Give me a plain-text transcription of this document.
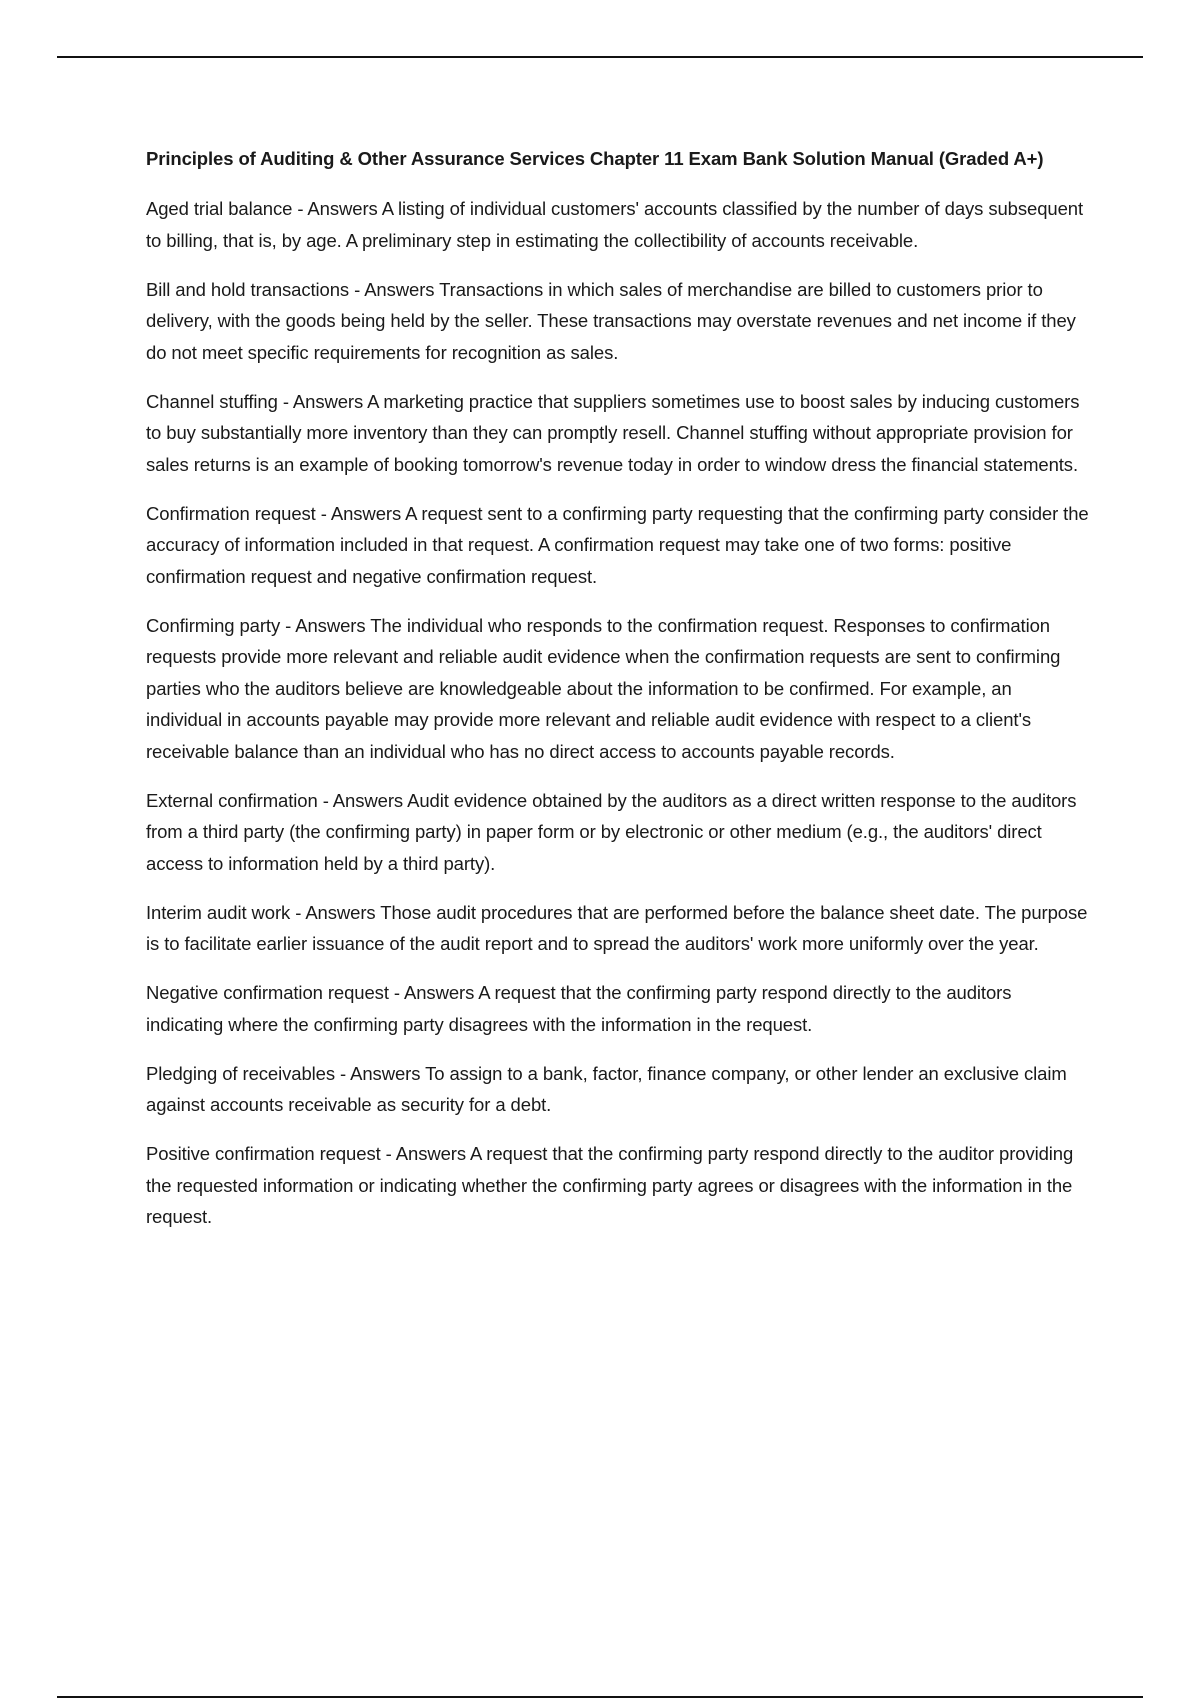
Principles of Auditing & Other Assurance Services Chapter 11 Exam Bank Solution Manual (Graded A+)

Aged trial balance - Answers A listing of individual customers' accounts classified by the number of days subsequent to billing, that is, by age. A preliminary step in estimating the collectibility of accounts receivable.

Bill and hold transactions - Answers Transactions in which sales of merchandise are billed to customers prior to delivery, with the goods being held by the seller. These transactions may overstate revenues and net income if they do not meet specific requirements for recognition as sales.

Channel stuffing - Answers A marketing practice that suppliers sometimes use to boost sales by inducing customers to buy substantially more inventory than they can promptly resell. Channel stuffing without appropriate provision for sales returns is an example of booking tomorrow's revenue today in order to window dress the financial statements.

Confirmation request - Answers A request sent to a confirming party requesting that the confirming party consider the accuracy of information included in that request. A confirmation request may take one of two forms: positive confirmation request and negative confirmation request.

Confirming party - Answers The individual who responds to the confirmation request. Responses to confirmation requests provide more relevant and reliable audit evidence when the confirmation requests are sent to confirming parties who the auditors believe are knowledgeable about the information to be confirmed. For example, an individual in accounts payable may provide more relevant and reliable audit evidence with respect to a client's receivable balance than an individual who has no direct access to accounts payable records.

External confirmation - Answers Audit evidence obtained by the auditors as a direct written response to the auditors from a third party (the confirming party) in paper form or by electronic or other medium (e.g., the auditors' direct access to information held by a third party).

Interim audit work - Answers Those audit procedures that are performed before the balance sheet date. The purpose is to facilitate earlier issuance of the audit report and to spread the auditors' work more uniformly over the year.

Negative confirmation request - Answers A request that the confirming party respond directly to the auditors indicating where the confirming party disagrees with the information in the request.

Pledging of receivables - Answers To assign to a bank, factor, finance company, or other lender an exclusive claim against accounts receivable as security for a debt.

Positive confirmation request - Answers A request that the confirming party respond directly to the auditor providing the requested information or indicating whether the confirming party agrees or disagrees with the information in the request.
